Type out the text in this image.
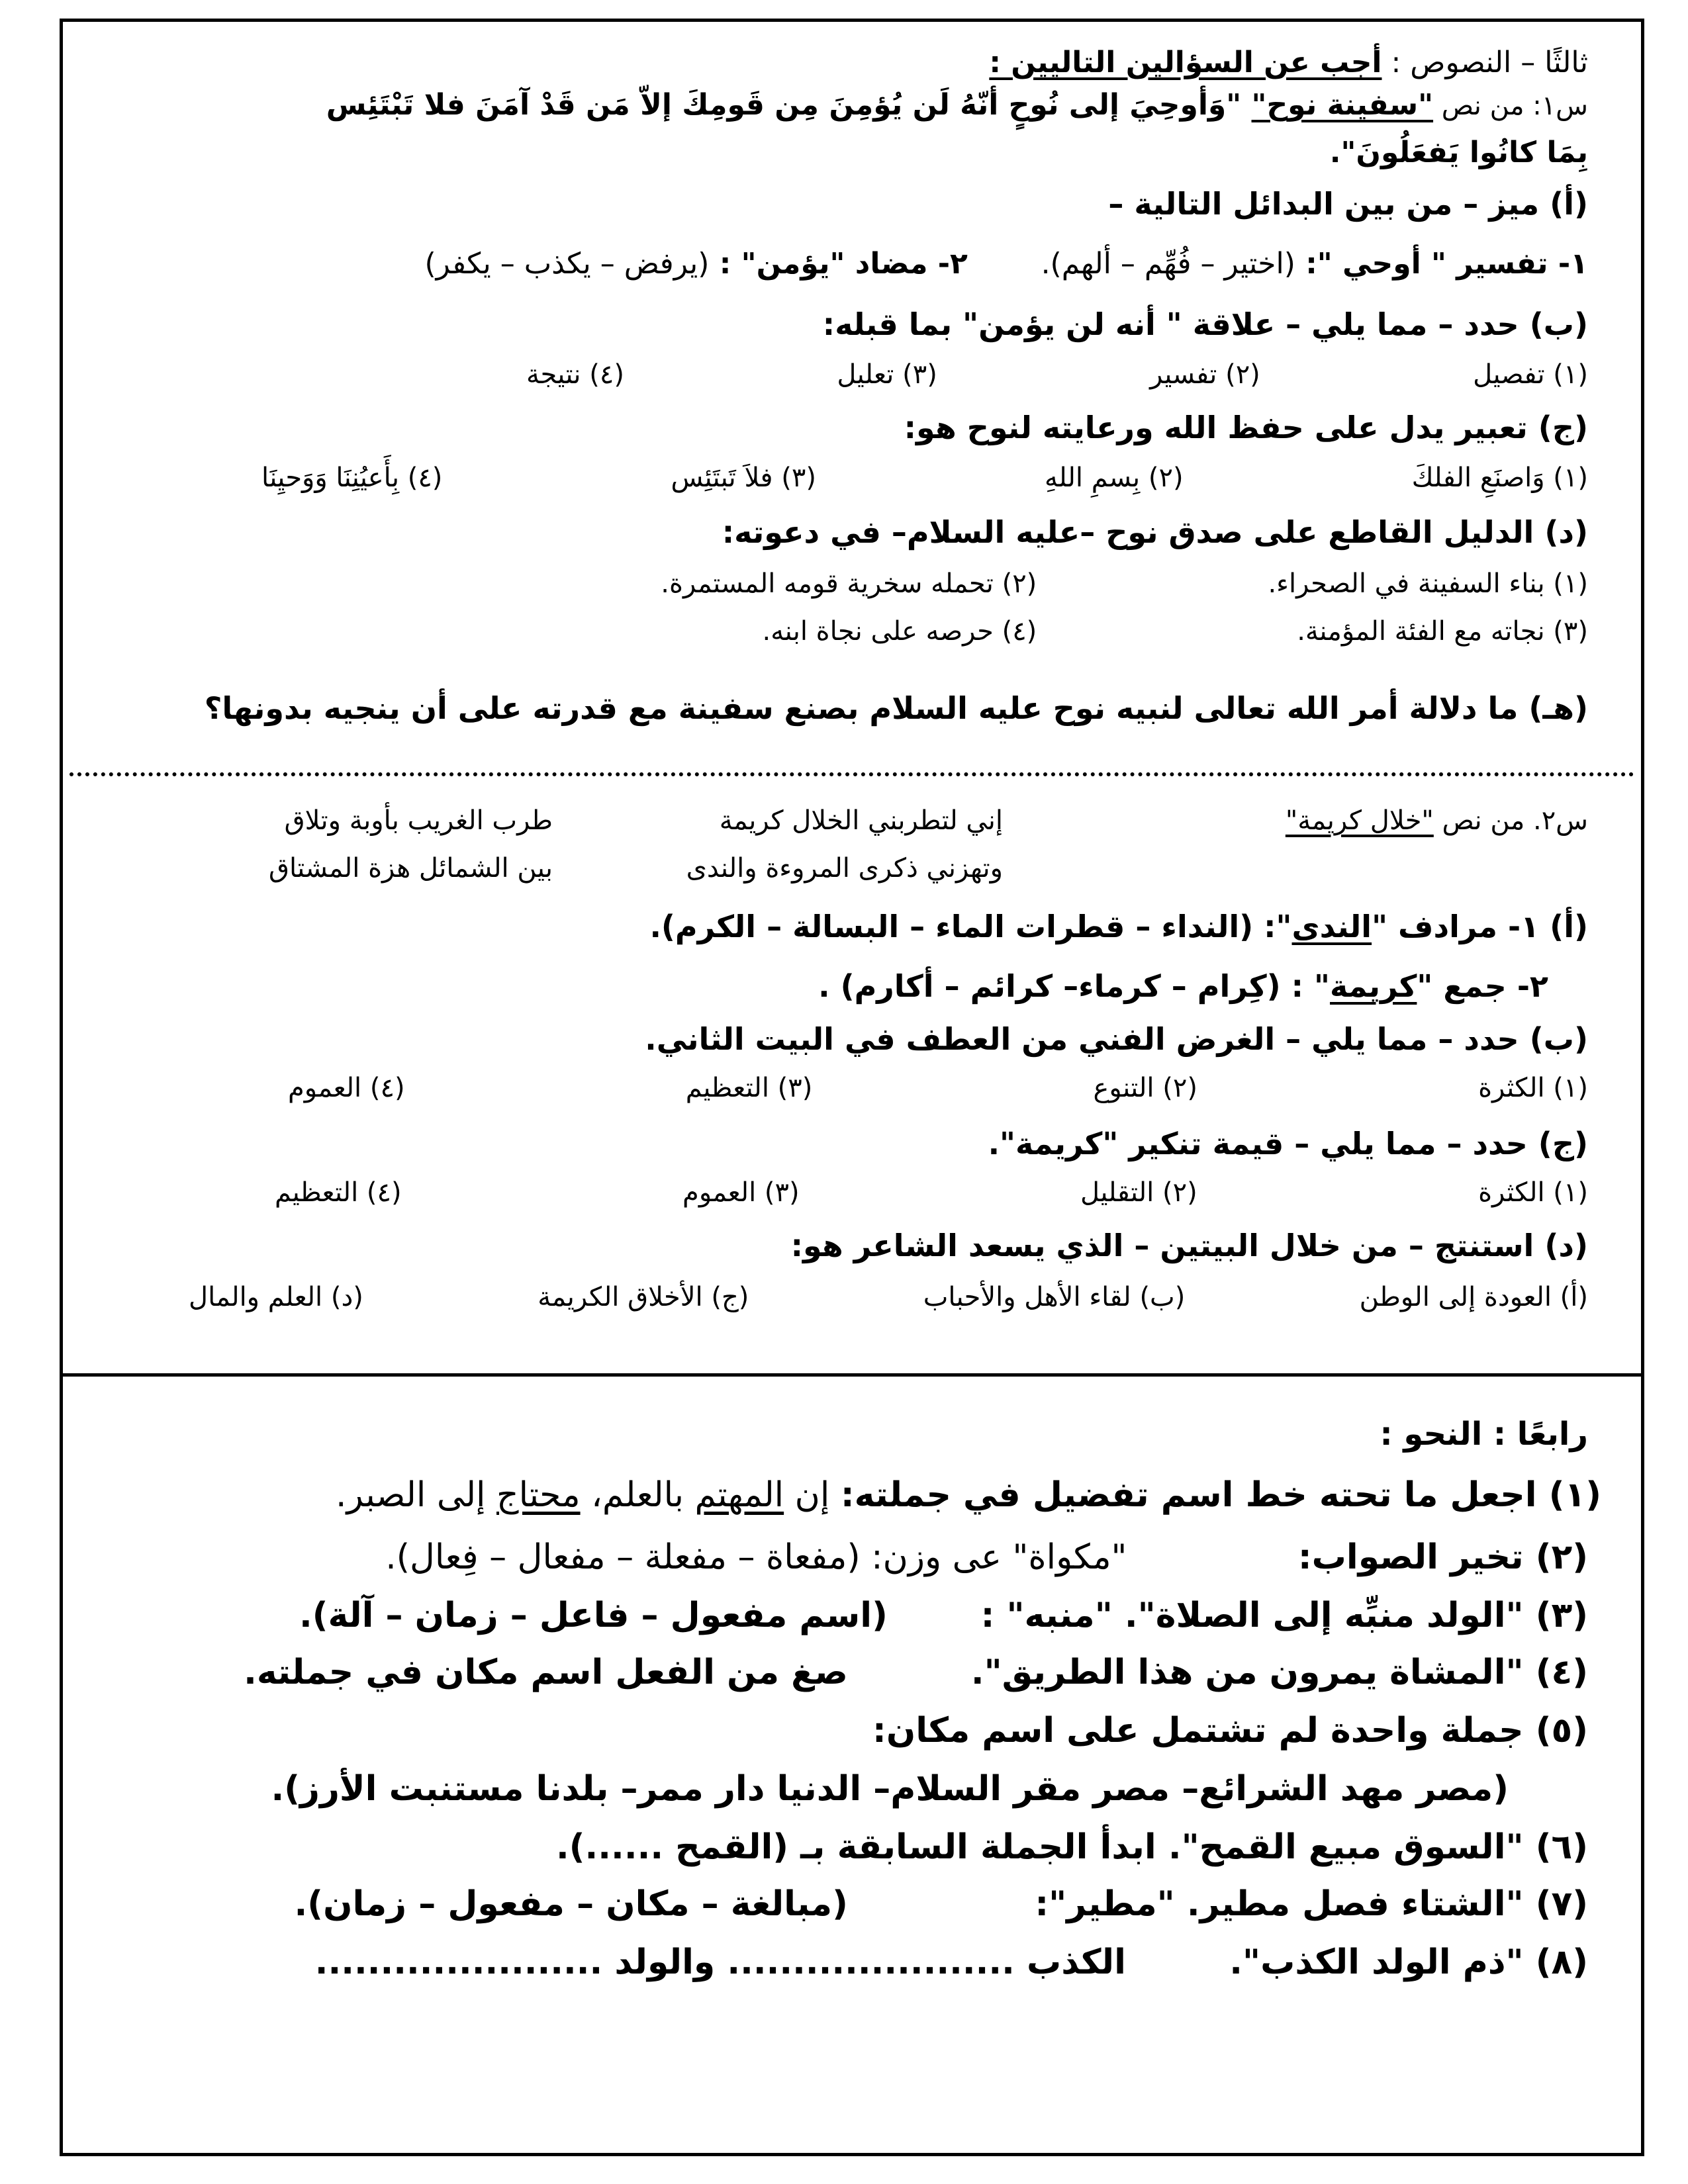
ثالثًا – النصوص : أجب عن السؤالين التاليين :
س۱: من نص "سفينة نوح" "وَأوحِيَ إلى نُوحٍ أنّهُ لَن يُؤمِنَ مِن قَومِكَ إلاّ مَن قَدْ آمَنَ فلا تَبْتَئِس
بِمَا كانُوا يَفعَلُونَ".
(أ) ميز – من بين البدائل التالية –
۱- تفسير " أوحي ": (اختير – فُهِّم – ألهم).  ۲- مضاد "يؤمن" : (يرفض – يكذب – يكفر)
(ب) حدد – مما يلي – علاقة " أنه لن يؤمن" بما قبله:
(۱) تفصيل
(۲) تفسير
(۳) تعليل
(٤) نتيجة
(ج) تعبير يدل على حفظ الله ورعايته لنوح هو:
(۱) وَاصنَعِ الفلكَ
(۲) بِسمِ اللهِ
(۳) فلاَ تَبتَئِس
(٤) بِأَعيُنِنَا وَوَحيِنَا
(د) الدليل القاطع على صدق نوح –عليه السلام– في دعوته:
(۱) بناء السفينة في الصحراء. (۲) تحمله سخرية قومه المستمرة.
(۳) نجاته مع الفئة المؤمنة. (٤) حرصه على نجاة ابنه.
(هـ) ما دلالة أمر الله تعالى لنبيه نوح عليه السلام بصنع سفينة مع قدرته على أن ينجيه بدونها؟
س۲. من نص "خلال كريمة"
إني لتطربني الخلال كريمة
طرب الغريب بأوبة وتلاق
وتهزني ذكرى المروءة والندى
بين الشمائل هزة المشتاق
(أ) ۱- مرادف "الندى": (النداء – قطرات الماء – البسالة – الكرم).
۲- جمع "كريمة" : (كِرام – كرماء– كرائم – أكارم) .
(ب) حدد – مما يلي – الغرض الفني من العطف في البيت الثاني.
(۱) الكثرة
(۲) التنوع
(۳) التعظيم
(٤) العموم
(ج) حدد – مما يلي – قيمة تنكير "كريمة".
(۱) الكثرة
(۲) التقليل
(۳) العموم
(٤) التعظيم
(د) استنتج – من خلال البيتين – الذي يسعد الشاعر هو:
(أ) العودة إلى الوطن
(ب) لقاء الأهل والأحباب
(ج) الأخلاق الكريمة
(د) العلم والمال
رابعًا : النحو :
(۱) اجعل ما تحته خط اسم تفضيل في جملته: إن المهتم بالعلم، محتاج إلى الصبر.
(۲) تخير الصواب: "مكواة" عى وزن: (مفعاة – مفعلة – مفعال – فِعال).
(۳) "الولد منبِّه إلى الصلاة". "منبه" : (اسم مفعول – فاعل – زمان – آلة).
(٤) "المشاة يمرون من هذا الطريق". صغ من الفعل اسم مكان في جملته.
(٥) جملة واحدة لم تشتمل على اسم مكان:
(مصر مهد الشرائع– مصر مقر السلام– الدنيا دار ممر– بلدنا مستنبت الأرز).
(٦) "السوق مبيع القمح". ابدأ الجملة السابقة بـ (القمح ......).
(۷) "الشتاء فصل مطير. "مطير": (مبالغة – مكان – مفعول – زمان).
(۸) "ذم الولد الكذب". الكذب ...................... والولد ......................
